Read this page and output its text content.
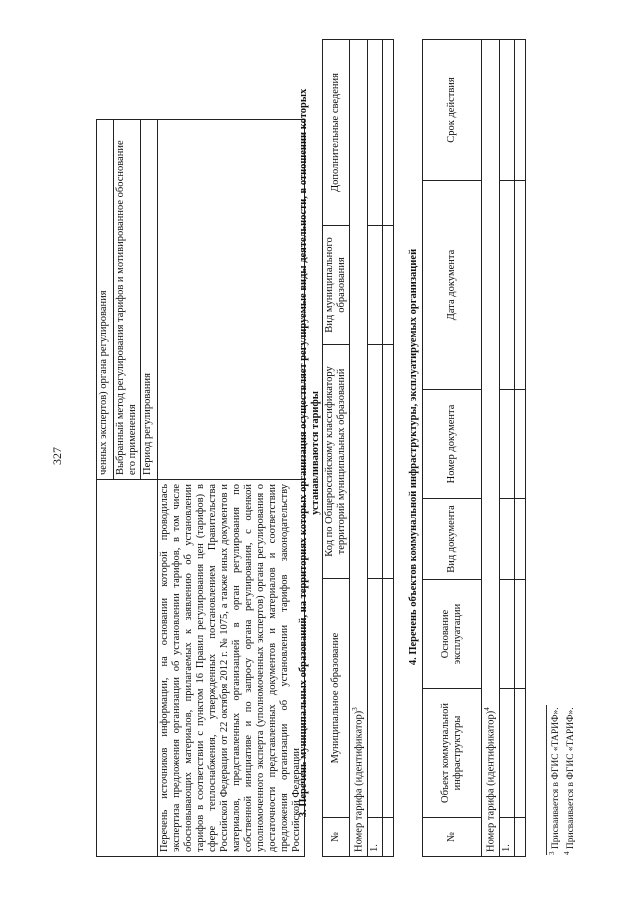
327
		ченных экспертов) органа регулирования
	Выбранный метод регулирования тарифов и мотивированное обоснование его применения
	Период регулирования
Перечень источников информации, на основании которой проводилась экспертиза предложения организации об установлении тарифов, в том числе обосновывающих материалов, прилагаемых к заявлению об установлении тарифов в соответствии с пунктом 16 Правил регулирования цен (тарифов) в сфере теплоснабжения, утвержденных постановлением Правительства Российской Федерации от 22 октября 2012 г. № 1075, а также иных документов и материалов, представленных организацией в орган регулирования по собственной инициативе и по запросу органа регулирования, с оценкой уполномоченного эксперта (уполномоченных экспертов) органа регулирования о достаточности представленных документов и материалов и соответствии предложения организации об установлении тарифов законодательству Российской Федерации	
3. Перечень муниципальных образований, на территориях которых организация осуществляет регулируемые виды деятельности, в отношении которых устанавливаются тарифы
№	Муниципальное образование	Код по Общероссийскому классификатору территорий муниципальных образований	Вид муниципального образования	Дополнительные сведения
Номер тарифа (идентификатор)$^3$
1.				

4. Перечень объектов коммунальной инфраструктуры, эксплуатируемых организацией
№	Объект коммунальной инфраструктуры	Основание эксплуатации	Вид документа	Номер документа	Дата документа	Срок действия
Номер тарифа (идентификатор)$^4$
1.						

$^3$ Присваивается в ФГИС «ТАРИФ».
$^4$ Присваивается в ФГИС «ТАРИФ».
